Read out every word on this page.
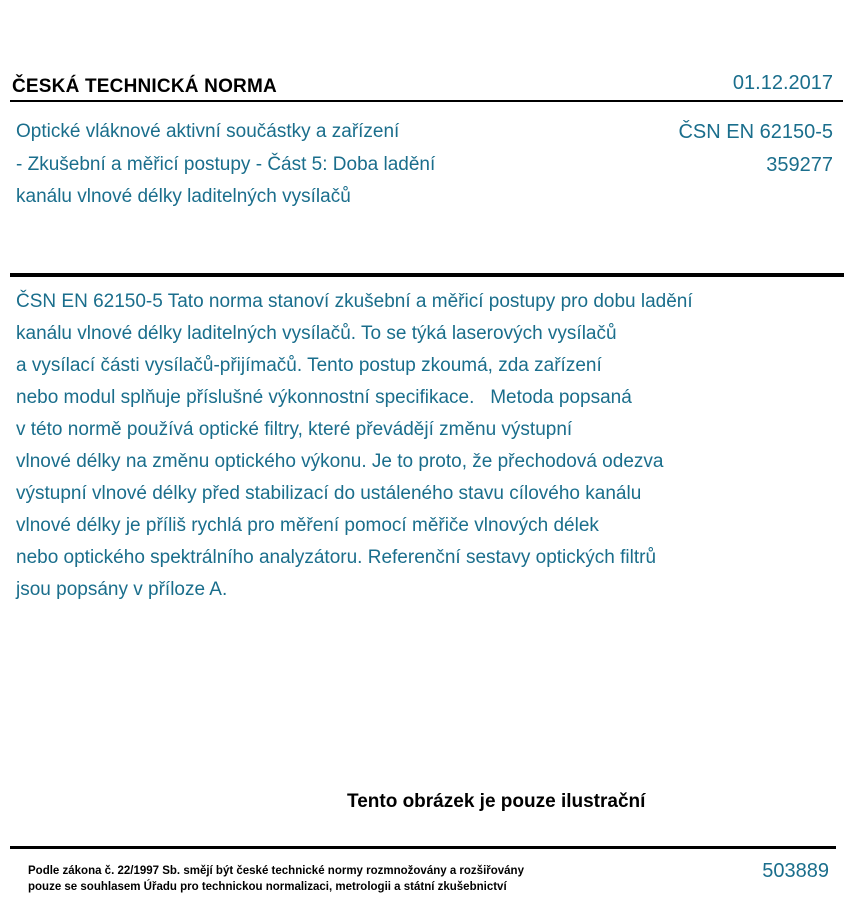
ČESKÁ TECHNICKÁ NORMA	01.12.2017
Optické vláknové aktivní součástky a zařízení
- Zkušební a měřicí postupy - Část 5: Doba ladění
kanálu vlnové délky laditelných vysílačů
ČSN EN 62150-5
359277
ČSN EN 62150-5 Tato norma stanoví zkušební a měřicí postupy pro dobu ladění
kanálu vlnové délky laditelných vysílačů. To se týká laserových vysílačů
a vysílací části vysílačů-přijímačů. Tento postup zkoumá, zda zařízení
nebo modul splňuje příslušné výkonnostní specifikace.   Metoda popsaná
v této normě používá optické filtry, které převádějí změnu výstupní
vlnové délky na změnu optického výkonu. Je to proto, že přechodová odezva
výstupní vlnové délky před stabilizací do ustáleného stavu cílového kanálu
vlnové délky je příliš rychlá pro měření pomocí měřiče vlnových délek
nebo optického spektrálního analyzátoru. Referenční sestavy optických filtrů
jsou popsány v příloze A.
Tento obrázek je pouze ilustrační
Podle zákona č. 22/1997 Sb. smějí být české technické normy rozmnožovány a rozšiřovány
pouze se souhlasem Úřadu pro technickou normalizaci, metrologii a státní zkušebnictví
503889
